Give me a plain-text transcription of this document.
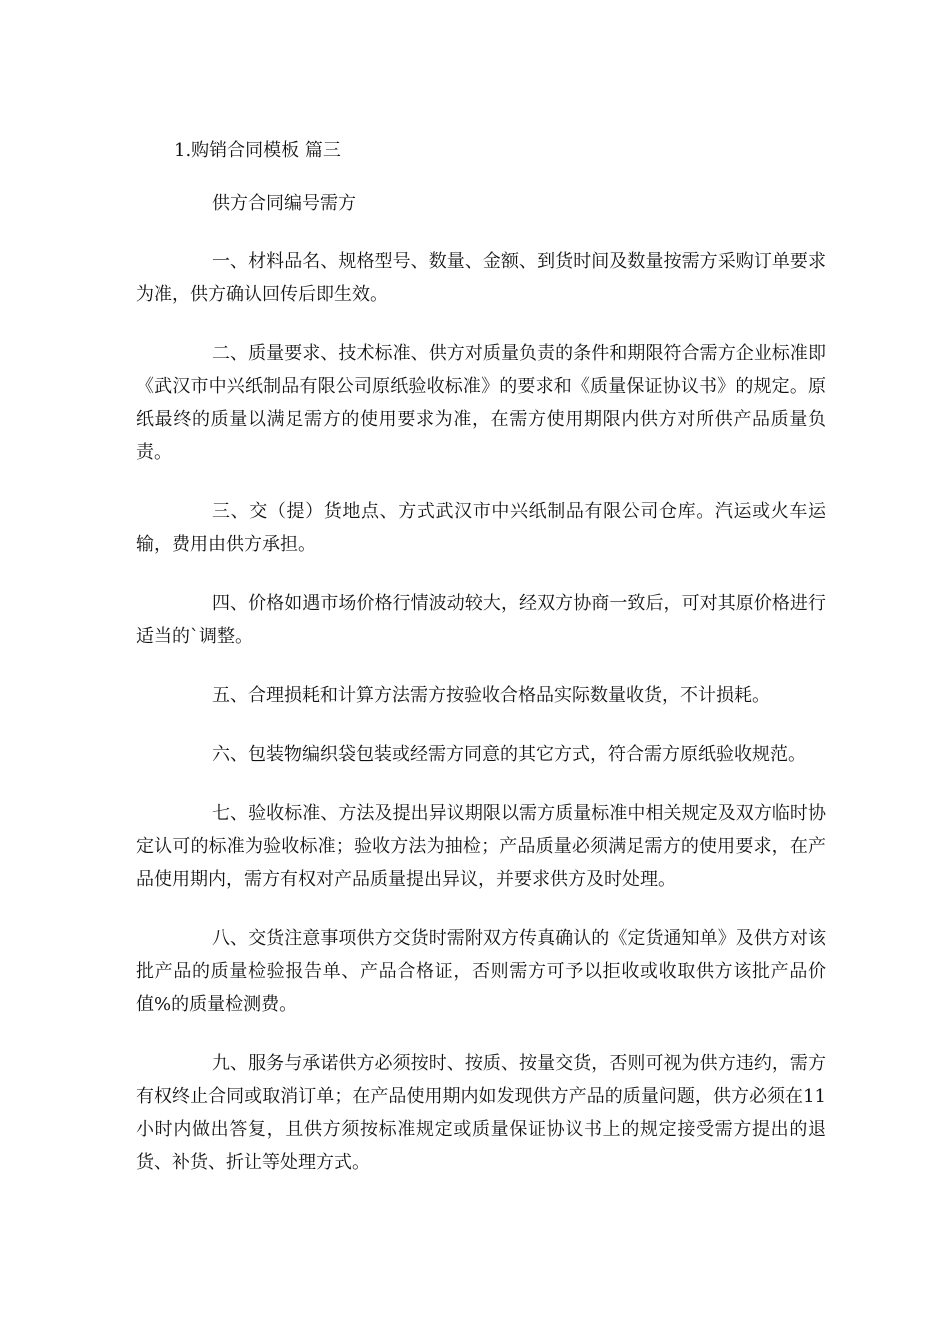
1.购销合同模板 篇三

供方合同编号需方

一、材料品名、规格型号、数量、金额、到货时间及数量按需方采购订单要求为准，供方确认回传后即生效。

二、质量要求、技术标准、供方对质量负责的条件和期限符合需方企业标准即《武汉市中兴纸制品有限公司原纸验收标准》的要求和《质量保证协议书》的规定。原纸最终的质量以满足需方的使用要求为准，在需方使用期限内供方对所供产品质量负责。

三、交（提）货地点、方式武汉市中兴纸制品有限公司仓库。汽运或火车运输，费用由供方承担。

四、价格如遇市场价格行情波动较大，经双方协商一致后，可对其原价格进行适当的`调整。

五、合理损耗和计算方法需方按验收合格品实际数量收货，不计损耗。

六、包装物编织袋包装或经需方同意的其它方式，符合需方原纸验收规范。

七、验收标准、方法及提出异议期限以需方质量标准中相关规定及双方临时协定认可的标准为验收标准；验收方法为抽检；产品质量必须满足需方的使用要求，在产品使用期内，需方有权对产品质量提出异议，并要求供方及时处理。

八、交货注意事项供方交货时需附双方传真确认的《定货通知单》及供方对该批产品的质量检验报告单、产品合格证，否则需方可予以拒收或收取供方该批产品价值%的质量检测费。

九、服务与承诺供方必须按时、按质、按量交货，否则可视为供方违约，需方有权终止合同或取消订单；在产品使用期内如发现供方产品的质量问题，供方必须在11小时内做出答复，且供方须按标准规定或质量保证协议书上的规定接受需方提出的退货、补货、折让等处理方式。
